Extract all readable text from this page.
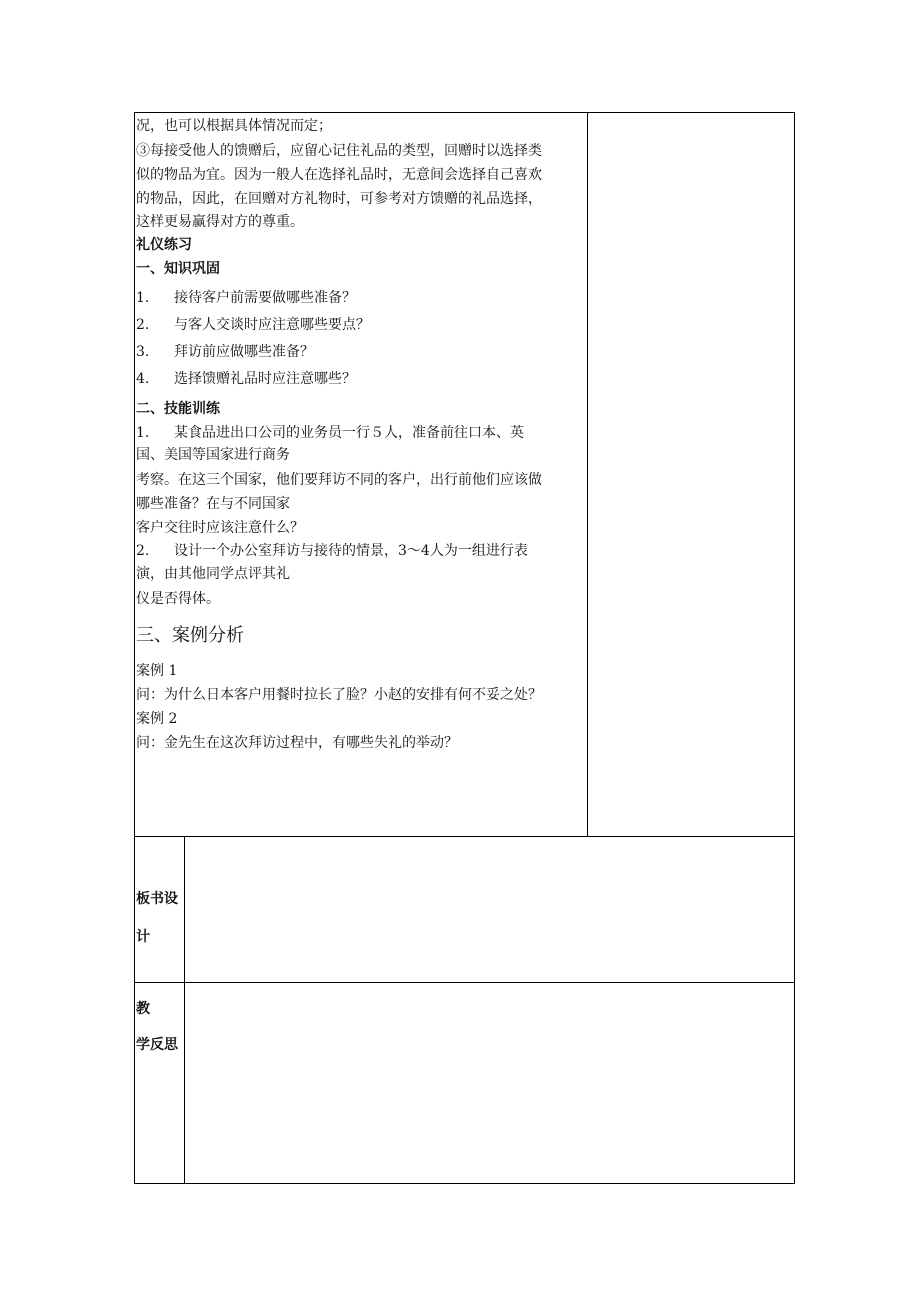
况，也可以根据具体情况而定；
③每接受他人的馈赠后，应留心记住礼品的类型，回赠时以选择类
似的物品为宜。因为一般人在选择礼品时，无意间会选择自己喜欢
的物品，因此，在回赠对方礼物时，可参考对方馈赠的礼品选择，
这样更易赢得对方的尊重。
礼仪练习
一、知识巩固
1. 接待客户前需要做哪些准备？
2. 与客人交谈时应注意哪些要点？
3. 拜访前应做哪些准备？
4. 选择馈赠礼品时应注意哪些？
二、技能训练
1. 某食品进出口公司的业务员一行５人，准备前往口本、英
国、美国等国家进行商务
考察。在这三个国家，他们要拜访不同的客户，出行前他们应该做
哪些准备？在与不同国家
客户交往时应该注意什么？
2. 设计一个办公室拜访与接待的情景，3～4人为一组进行表
演，由其他同学点评其礼
仪是否得体。
三、案例分析
案例 1
问：为什么日本客户用餐时拉长了脸？小赵的安排有何不妥之处？
案例 2
问：金先生在这次拜访过程中，有哪些失礼的举动？
板书设
计
教
学反思
